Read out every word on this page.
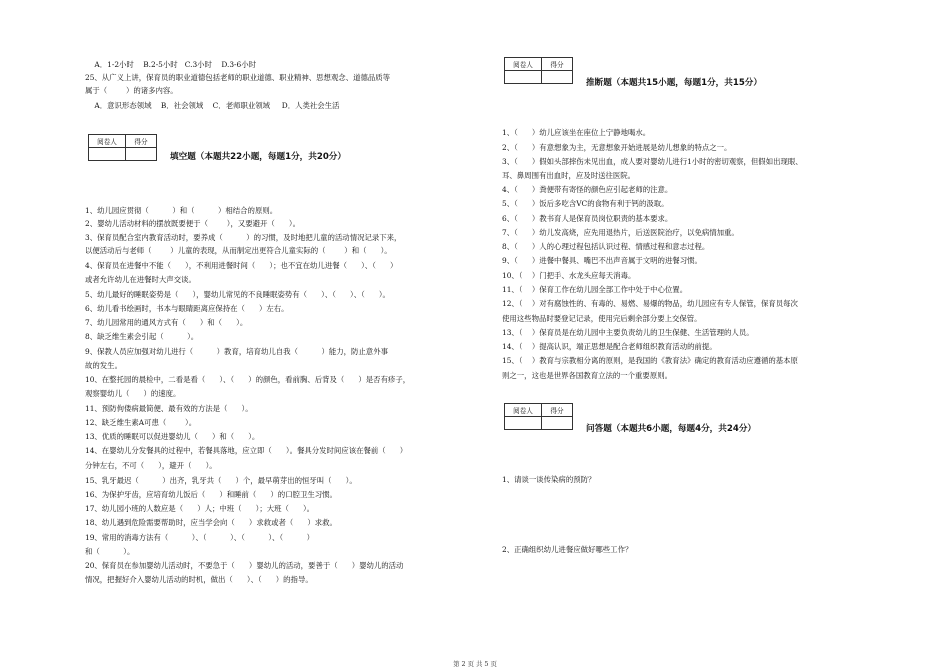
A．1-2小时    B.2-5小时   C.3小时    D.3-6小时
25、从广义上讲，保育员的职业道德包括老师的职业道德、职业精神、思想观念、道德品质等
属于（        ）的诸多内容。
A．意识形态领域    B．社会领域    C．老师职业领域     D．人类社会生活
阅卷人	得分

填空题（本题共22小题，每题1分，共20分）
1、幼儿园应贯彻（          ）和（          ）相结合的原则。
2、婴幼儿活动材料的摆放既要便于（        ），又要避开（      ）。
3、保育员配合室内教育活动时，要养成（          ）的习惯，及时地把儿童的活动情况记录下来，
以便活动后与老师（        ）儿童的表现，从而制定出更符合儿童实际的（        ）和（      ）。
4、保育员在进餐中不能（      ），不利用进餐时间（      ）；也不宜在幼儿进餐（      ）、（      ）
或者允许幼儿在进餐时大声交谈。
5、幼儿最好的睡眠姿势是（      ），婴幼儿常见的不良睡眠姿势有（      ）、（      ）、（      ）。
6、幼儿看书绘画时，书本与眼睛距离应保持在（      ）左右。
7、幼儿园常用的通风方式有（      ）和（      ）。
8、缺乏维生素会引起（          ）。
9、保教人员应加强对幼儿进行（          ）教育，培育幼儿自我（          ）能力，防止意外事
故的发生。
10、在整托园的晨检中，二看是看（      ）、（      ）的颜色，看前胸、后背及（      ）是否有疹子，
观察婴幼儿（      ）的速度。
11、预防佝偻病最简便、最有效的方法是（      ）。
12、缺乏维生素A可患（        ）。
13、优质的睡眠可以促进婴幼儿（      ）和（      ）。
14、在婴幼儿分发餐具的过程中，若餐具落地，应立即（      ）。餐具分发时间应该在餐前（      ）
分钟左右，不可（      ），避开（      ）。
15、乳牙最迟（          ）出齐，乳牙共（      ）个，最早萌芽出的恒牙叫（      ）。
16、为保护牙齿，应培育幼儿饭后（      ）和睡前（      ）的口腔卫生习惯。
17、幼儿园小班的人数应是（      ）人；中班（      ）；大班（      ）。
18、幼儿遇到危险需要帮助时，应当学会向（      ）求救或者（      ）求救。
19、常用的消毒方法有（          ）、（          ）、（          ）、（          ）
和（          ）。
20、保育员在参加婴幼儿活动时，不要急于（      ）婴幼儿的活动，要善于（      ）婴幼儿的活动
情况，把握好介入婴幼儿活动的时机，做出（      ）、（      ）的指导。
阅卷人	得分

推断题（本题共15小题，每题1分，共15分）
1、（      ）幼儿应该坐在座位上宁静地喝水。
2、（      ）有意想象为主，无意想象开始进展是幼儿想象的特点之一。
3、（      ）假如头部摔伤未见出血，成人要对婴幼儿进行1小时的密切观察，但假如出现眼、
耳、鼻周围有出血时，应及时送往医院。
4、（      ）粪便带有寄怪的颜色应引起老师的注意。
5、（      ）饭后多吃含VC的食物有利于钙的汲取。
6、（      ）教书育人是保育员岗位职责的基本要求。
7、（      ）幼儿发高烧，应先用退热片，后送医院治疗，以免病情加重。
8、（      ）人的心理过程包括认识过程、情感过程和意志过程。
9、（      ）进餐中餐具、嘴巴不出声音属于文明的进餐习惯。
10、（    ）门把手、水龙头应每天消毒。
11、（    ）保育工作在幼儿园全部工作中处于中心位置。
12、（    ）对有腐蚀性的、有毒的、易燃、易爆的物品，幼儿园应有专人保管，保育员每次
使用这些物品时要登记记录，使用完后剩余部分要上交保管。
13、（    ）保育员是在幼儿园中主要负责幼儿的卫生保健、生活管理的人员。
14、（    ）提高认识，端正思想是配合老师组织教育活动的前提。
15、（    ）教育与宗教相分离的原则，是我国的《教育法》确定的教育活动应遵循的基本原
则之一，这也是世界各国教育立法的一个重要原则。
阅卷人	得分

问答题（本题共6小题，每题4分，共24分）
1、请谈一谈传染病的预防？
2、正确组织幼儿进餐应做好哪些工作？
第 2 页 共 5 页
